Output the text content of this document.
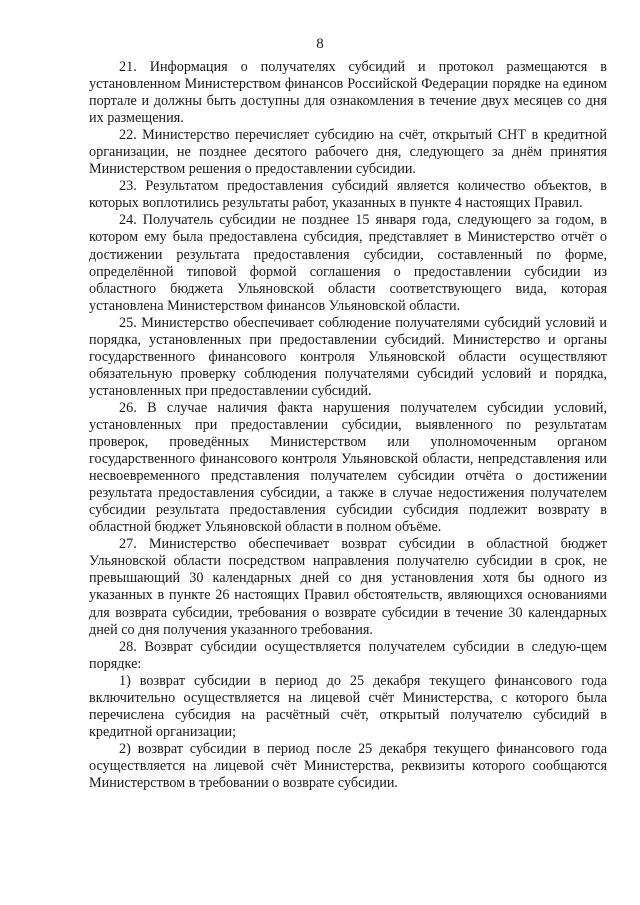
8

21. Информация о получателях субсидий и протокол размещаются в установленном Министерством финансов Российской Федерации порядке на едином портале и должны быть доступны для ознакомления в течение двух месяцев со дня их размещения.

22. Министерство перечисляет субсидию на счёт, открытый СНТ в кредитной организации, не позднее десятого рабочего дня, следующего за днём принятия Министерством решения о предоставлении субсидии.

23. Результатом предоставления субсидий является количество объектов, в которых воплотились результаты работ, указанных в пункте 4 настоящих Правил.

24. Получатель субсидии не позднее 15 января года, следующего за годом, в котором ему была предоставлена субсидия, представляет в Министерство отчёт о достижении результата предоставления субсидии, составленный по форме, определённой типовой формой соглашения о предоставлении субсидии из областного бюджета Ульяновской области соответствующего вида, которая установлена Министерством финансов Ульяновской области.

25. Министерство обеспечивает соблюдение получателями субсидий условий и порядка, установленных при предоставлении субсидий. Министерство и органы государственного финансового контроля Ульяновской области осуществляют обязательную проверку соблюдения получателями субсидий условий и порядка, установленных при предоставлении субсидий.

26. В случае наличия факта нарушения получателем субсидии условий, установленных при предоставлении субсидии, выявленного по результатам проверок, проведённых Министерством или уполномоченным органом государственного финансового контроля Ульяновской области, непредставления или несвоевременного представления получателем субсидии отчёта о достижении результата предоставления субсидии, а также в случае недостижения получателем субсидии результата предоставления субсидии субсидия подлежит возврату в областной бюджет Ульяновской области в полном объёме.

27. Министерство обеспечивает возврат субсидии в областной бюджет Ульяновской области посредством направления получателю субсидии в срок, не превышающий 30 календарных дней со дня установления хотя бы одного из указанных в пункте 26 настоящих Правил обстоятельств, являющихся основаниями для возврата субсидии, требования о возврате субсидии в течение 30 календарных дней со дня получения указанного требования.

28. Возврат субсидии осуществляется получателем субсидии в следую-щем порядке:

1) возврат субсидии в период до 25 декабря текущего финансового года включительно осуществляется на лицевой счёт Министерства, с которого была перечислена субсидия на расчётный счёт, открытый получателю субсидий в кредитной организации;

2) возврат субсидии в период после 25 декабря текущего финансового года осуществляется на лицевой счёт Министерства, реквизиты которого сообщаются Министерством в требовании о возврате субсидии.
